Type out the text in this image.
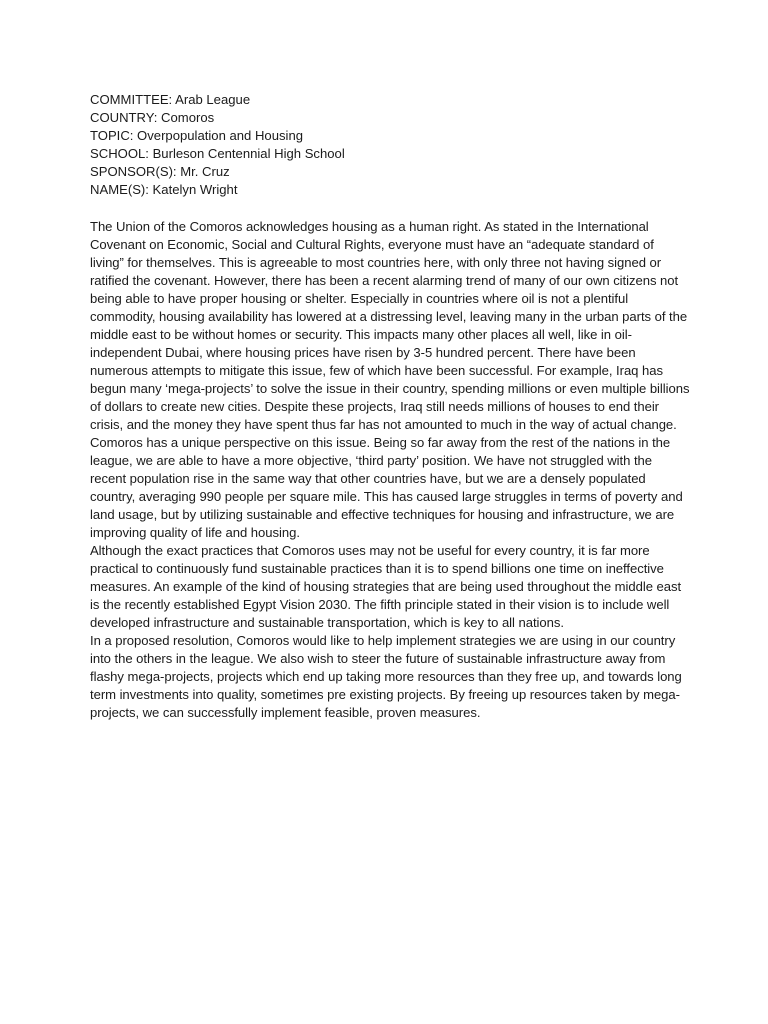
COMMITTEE: Arab League

COUNTRY: Comoros

TOPIC: Overpopulation and Housing

SCHOOL: Burleson Centennial High School

SPONSOR(S): Mr. Cruz

NAME(S): Katelyn Wright

The Union of the Comoros acknowledges housing as a human right. As stated in the International Covenant on Economic, Social and Cultural Rights, everyone must have an “adequate standard of living” for themselves. This is agreeable to most countries here, with only three not having signed or ratified the covenant. However, there has been a recent alarming trend of many of our own citizens not being able to have proper housing or shelter. Especially in countries where oil is not a plentiful commodity, housing availability has lowered at a distressing level, leaving many in the urban parts of the middle east to be without homes or security. This impacts many other places all well, like in oil-independent Dubai, where housing prices have risen by 3-5 hundred percent. There have been numerous attempts to mitigate this issue, few of which have been successful. For example, Iraq has begun many ‘mega-projects’ to solve the issue in their country, spending millions or even multiple billions of dollars to create new cities. Despite these projects, Iraq still needs millions of houses to end their crisis, and the money they have spent thus far has not amounted to much in the way of actual change.

Comoros has a unique perspective on this issue. Being so far away from the rest of the nations in the league, we are able to have a more objective, ‘third party’ position. We have not struggled with the recent population rise in the same way that other countries have, but we are a densely populated country, averaging 990 people per square mile. This has caused large struggles in terms of poverty and land usage, but by utilizing sustainable and effective techniques for housing and infrastructure, we are improving quality of life and housing.

Although the exact practices that Comoros uses may not be useful for every country, it is far more practical to continuously fund sustainable practices than it is to spend billions one time on ineffective measures. An example of the kind of housing strategies that are being used throughout the middle east is the recently established Egypt Vision 2030. The fifth principle stated in their vision is to include well developed infrastructure and sustainable transportation, which is key to all nations.

In a proposed resolution, Comoros would like to help implement strategies we are using in our country into the others in the league. We also wish to steer the future of sustainable infrastructure away from flashy mega-projects, projects which end up taking more resources than they free up, and towards long term investments into quality, sometimes pre existing projects. By freeing up resources taken by mega-projects, we can successfully implement feasible, proven measures.
